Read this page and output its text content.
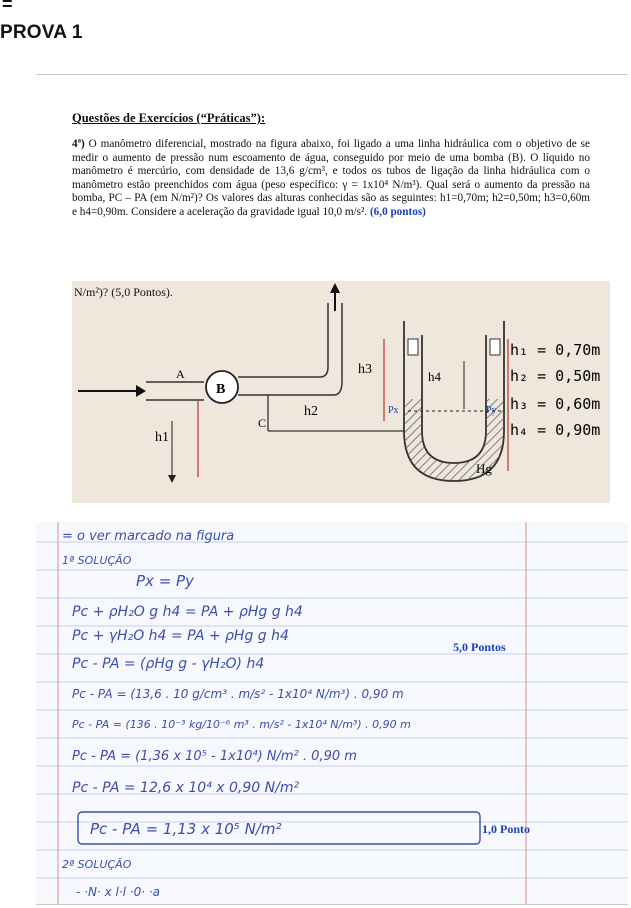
=
PROVA 1
Questões de Exercícios (“Práticas”):
4ª) O manômetro diferencial, mostrado na figura abaixo, foi ligado a uma linha hidráulica com o objetivo de se medir o aumento de pressão num escoamento de água, conseguido por meio de uma bomba (B). O líquido no manômetro é mercúrio, com densidade de 13,6 g/cm³, e todos os tubos de ligação da linha hidráulica com o manômetro estão preenchidos com água (peso específico: γ = 1x10⁴ N/m³). Qual será o aumento da pressão na bomba, PC – PA (em N/m²)? Os valores das alturas conhecidas são as seguintes: h1=0,70m; h2=0,50m; h3=0,60m e h4=0,90m. Considere a aceleração da gravidade igual 10,0 m/s². (6,0 pontos)
A
B
C
h2
h3
h1
Px	Py
h4
Hg
h₁ = 0,70m
h₂ = 0,50m
h₃ = 0,60m
h₄ = 0,90m
N/m²)? (5,0 Pontos).
= o ver marcado na figura
1ª SOLUÇÃO
Px = Py
Pc + ρH₂O g h4 = PA + ρHg g h4
Pc + γH₂O h4 = PA + ρHg g h4
Pc - PA = (ρHg g - γH₂O) h4
Pc - PA = (13,6 . 10 g/cm³ . m/s² - 1x10⁴ N/m³) . 0,90 m
Pc - PA = (136 . 10⁻³ kg/10⁻⁶ m³ . m/s² - 1x10⁴ N/m³) . 0,90 m
Pc - PA = (1,36 x 10⁵ - 1x10⁴) N/m² . 0,90 m
Pc - PA = 12,6 x 10⁴ x 0,90 N/m²
Pc - PA = 1,13 x 10⁵ N/m²
2ª SOLUÇÃO
- ·N· x l·l ·0· ·a
5,0 Pontos
1,0 Ponto
